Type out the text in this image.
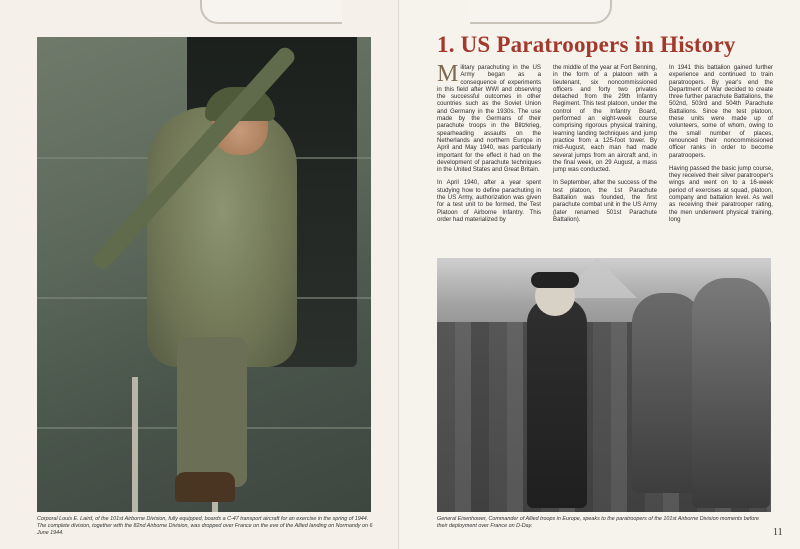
Corporal Louis E. Laird, of the 101st Airborne Division, fully equipped, boards a C-47 transport aircraft for an exercise in the spring of 1944. The complete division, together with the 82nd Airborne Division, was dropped over France on the eve of the Allied landing on Normandy on 6 June 1944.
1. US Paratroopers in History

Military parachuting in the US Army began as a consequence of experiments in this field after WWI and observing the successful outcomes in other countries such as the Soviet Union and Germany in the 1930s. The use made by the Germans of their parachute troops in the Blitzkrieg, spearheading assaults on the Netherlands and northern Europe in April and May 1940, was particularly important for the effect it had on the development of parachute techniques in the United States and Great Britain.

In April 1940, after a year spent studying how to define parachuting in the US Army, authorization was given for a test unit to be formed, the Test Platoon of Airborne Infantry. This order had materialized by

the middle of the year at Fort Benning, in the form of a platoon with a lieutenant, six noncommissioned officers and forty two privates detached from the 29th Infantry Regiment. This test platoon, under the control of the Infantry Board, performed an eight-week course comprising rigorous physical training, learning landing techniques and jump practice from a 125-foot tower. By mid-August, each man had made several jumps from an aircraft and, in the final week, on 29 August, a mass jump was conducted.

In September, after the success of the test platoon, the 1st Parachute Battalion was founded, the first parachute combat unit in the US Army (later renamed 501st Parachute Battalion).

In 1941 this battalion gained further experience and continued to train paratroopers. By year's end the Department of War decided to create three further parachute Battalions, the 502nd, 503rd and 504th Parachute Battalions. Since the test platoon, these units were made up of volunteers, some of whom, owing to the small number of places, renounced their noncommissioned officer ranks in order to become paratroopers.

Having passed the basic jump course, they received their silver paratrooper's wings and went on to a 16-week period of exercises at squad, platoon, company and battalion level. As well as receiving their paratrooper rating, the men underwent physical training, long

General Eisenhower, Commander of Allied troops in Europe, speaks to the paratroopers of the 101st Airborne Division moments before their deployment over France on D-Day.
11
